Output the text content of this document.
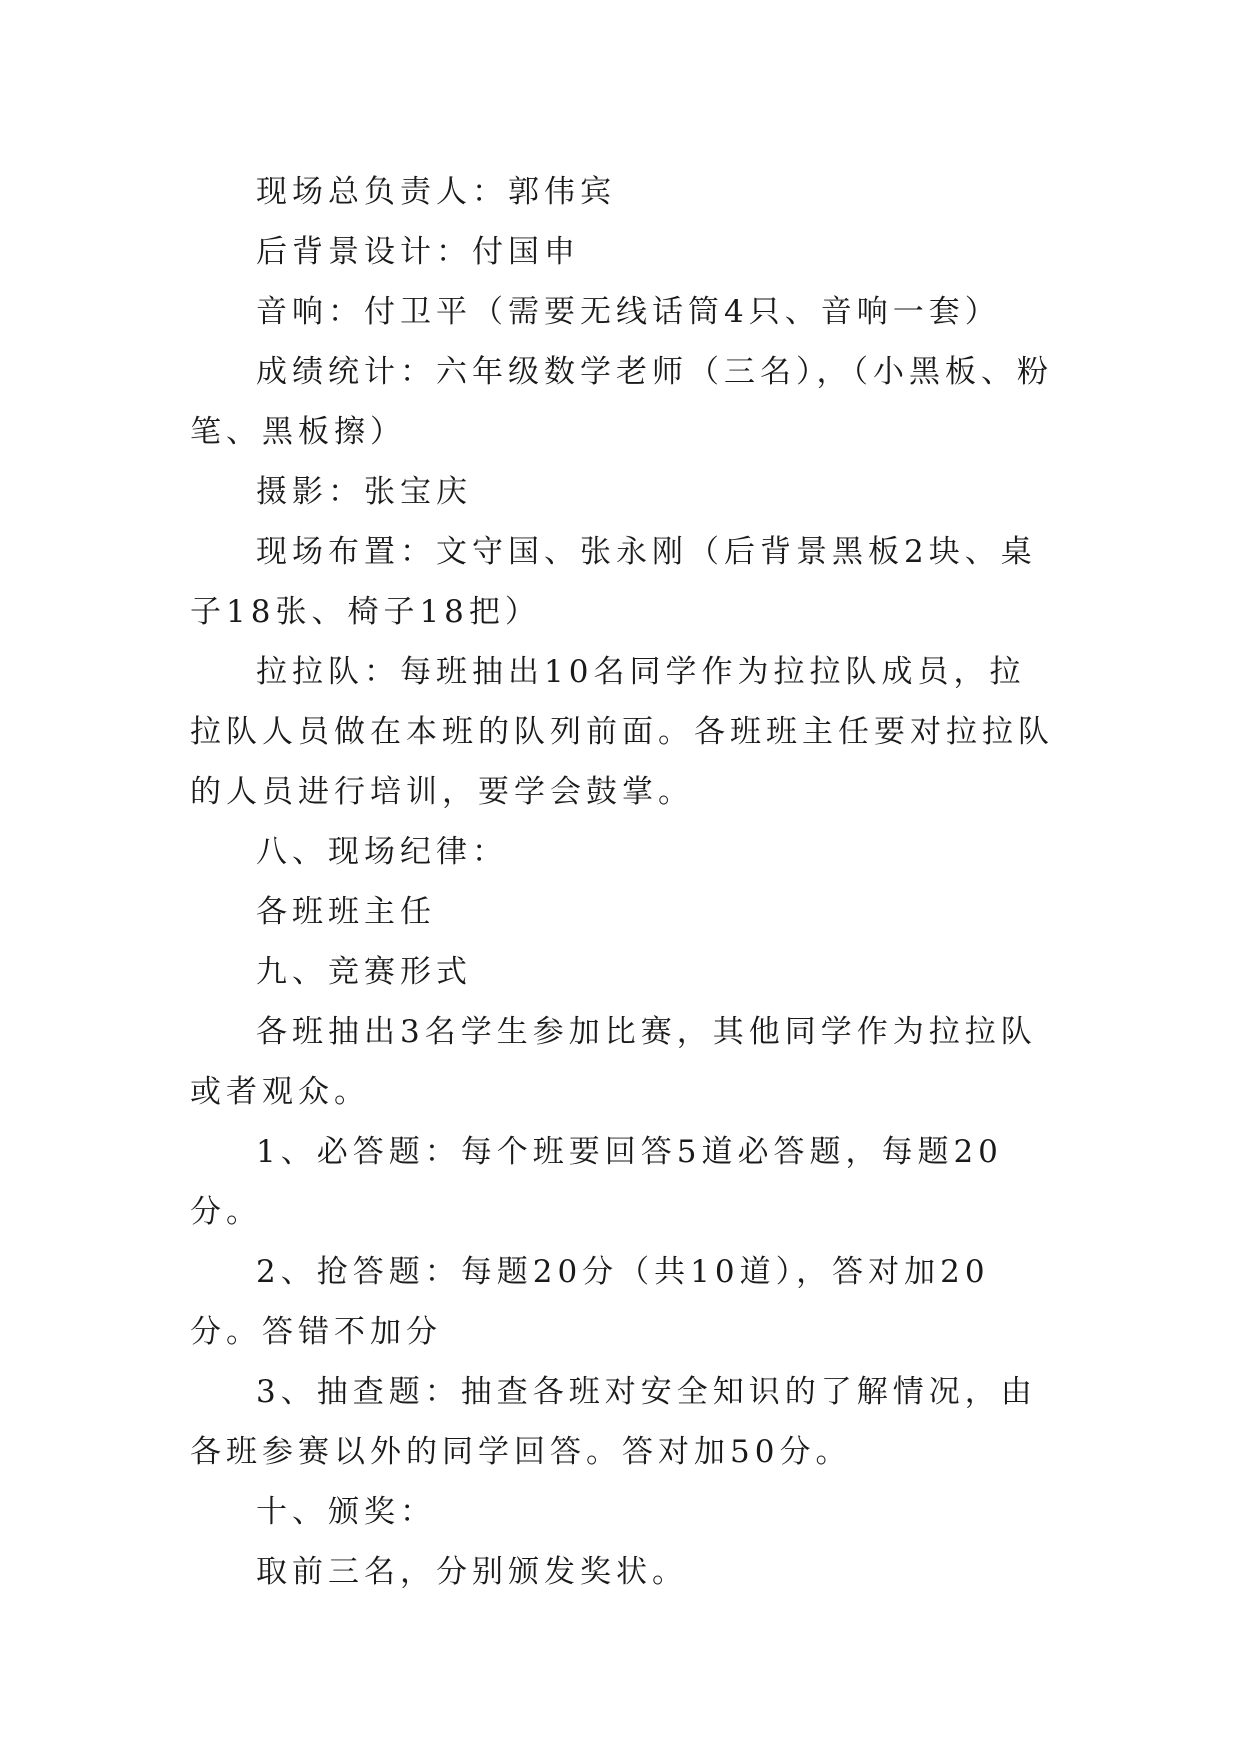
现场总负责人：郭伟宾

后背景设计：付国申

音响：付卫平（需要无线话筒4只、音响一套）

成绩统计：六年级数学老师（三名），（小黑板、粉笔、黑板擦）

摄影：张宝庆

现场布置：文守国、张永刚（后背景黑板2块、桌子18张、椅子18把）

拉拉队：每班抽出10名同学作为拉拉队成员，拉拉队人员做在本班的队列前面。各班班主任要对拉拉队的人员进行培训，要学会鼓掌。

八、现场纪律：

各班班主任

九、竞赛形式

各班抽出3名学生参加比赛，其他同学作为拉拉队或者观众。

1、必答题：每个班要回答5道必答题，每题20分。

2、抢答题：每题20分（共10道），答对加20分。答错不加分

3、抽查题：抽查各班对安全知识的了解情况，由各班参赛以外的同学回答。答对加50分。

十、颁奖：

取前三名，分别颁发奖状。
